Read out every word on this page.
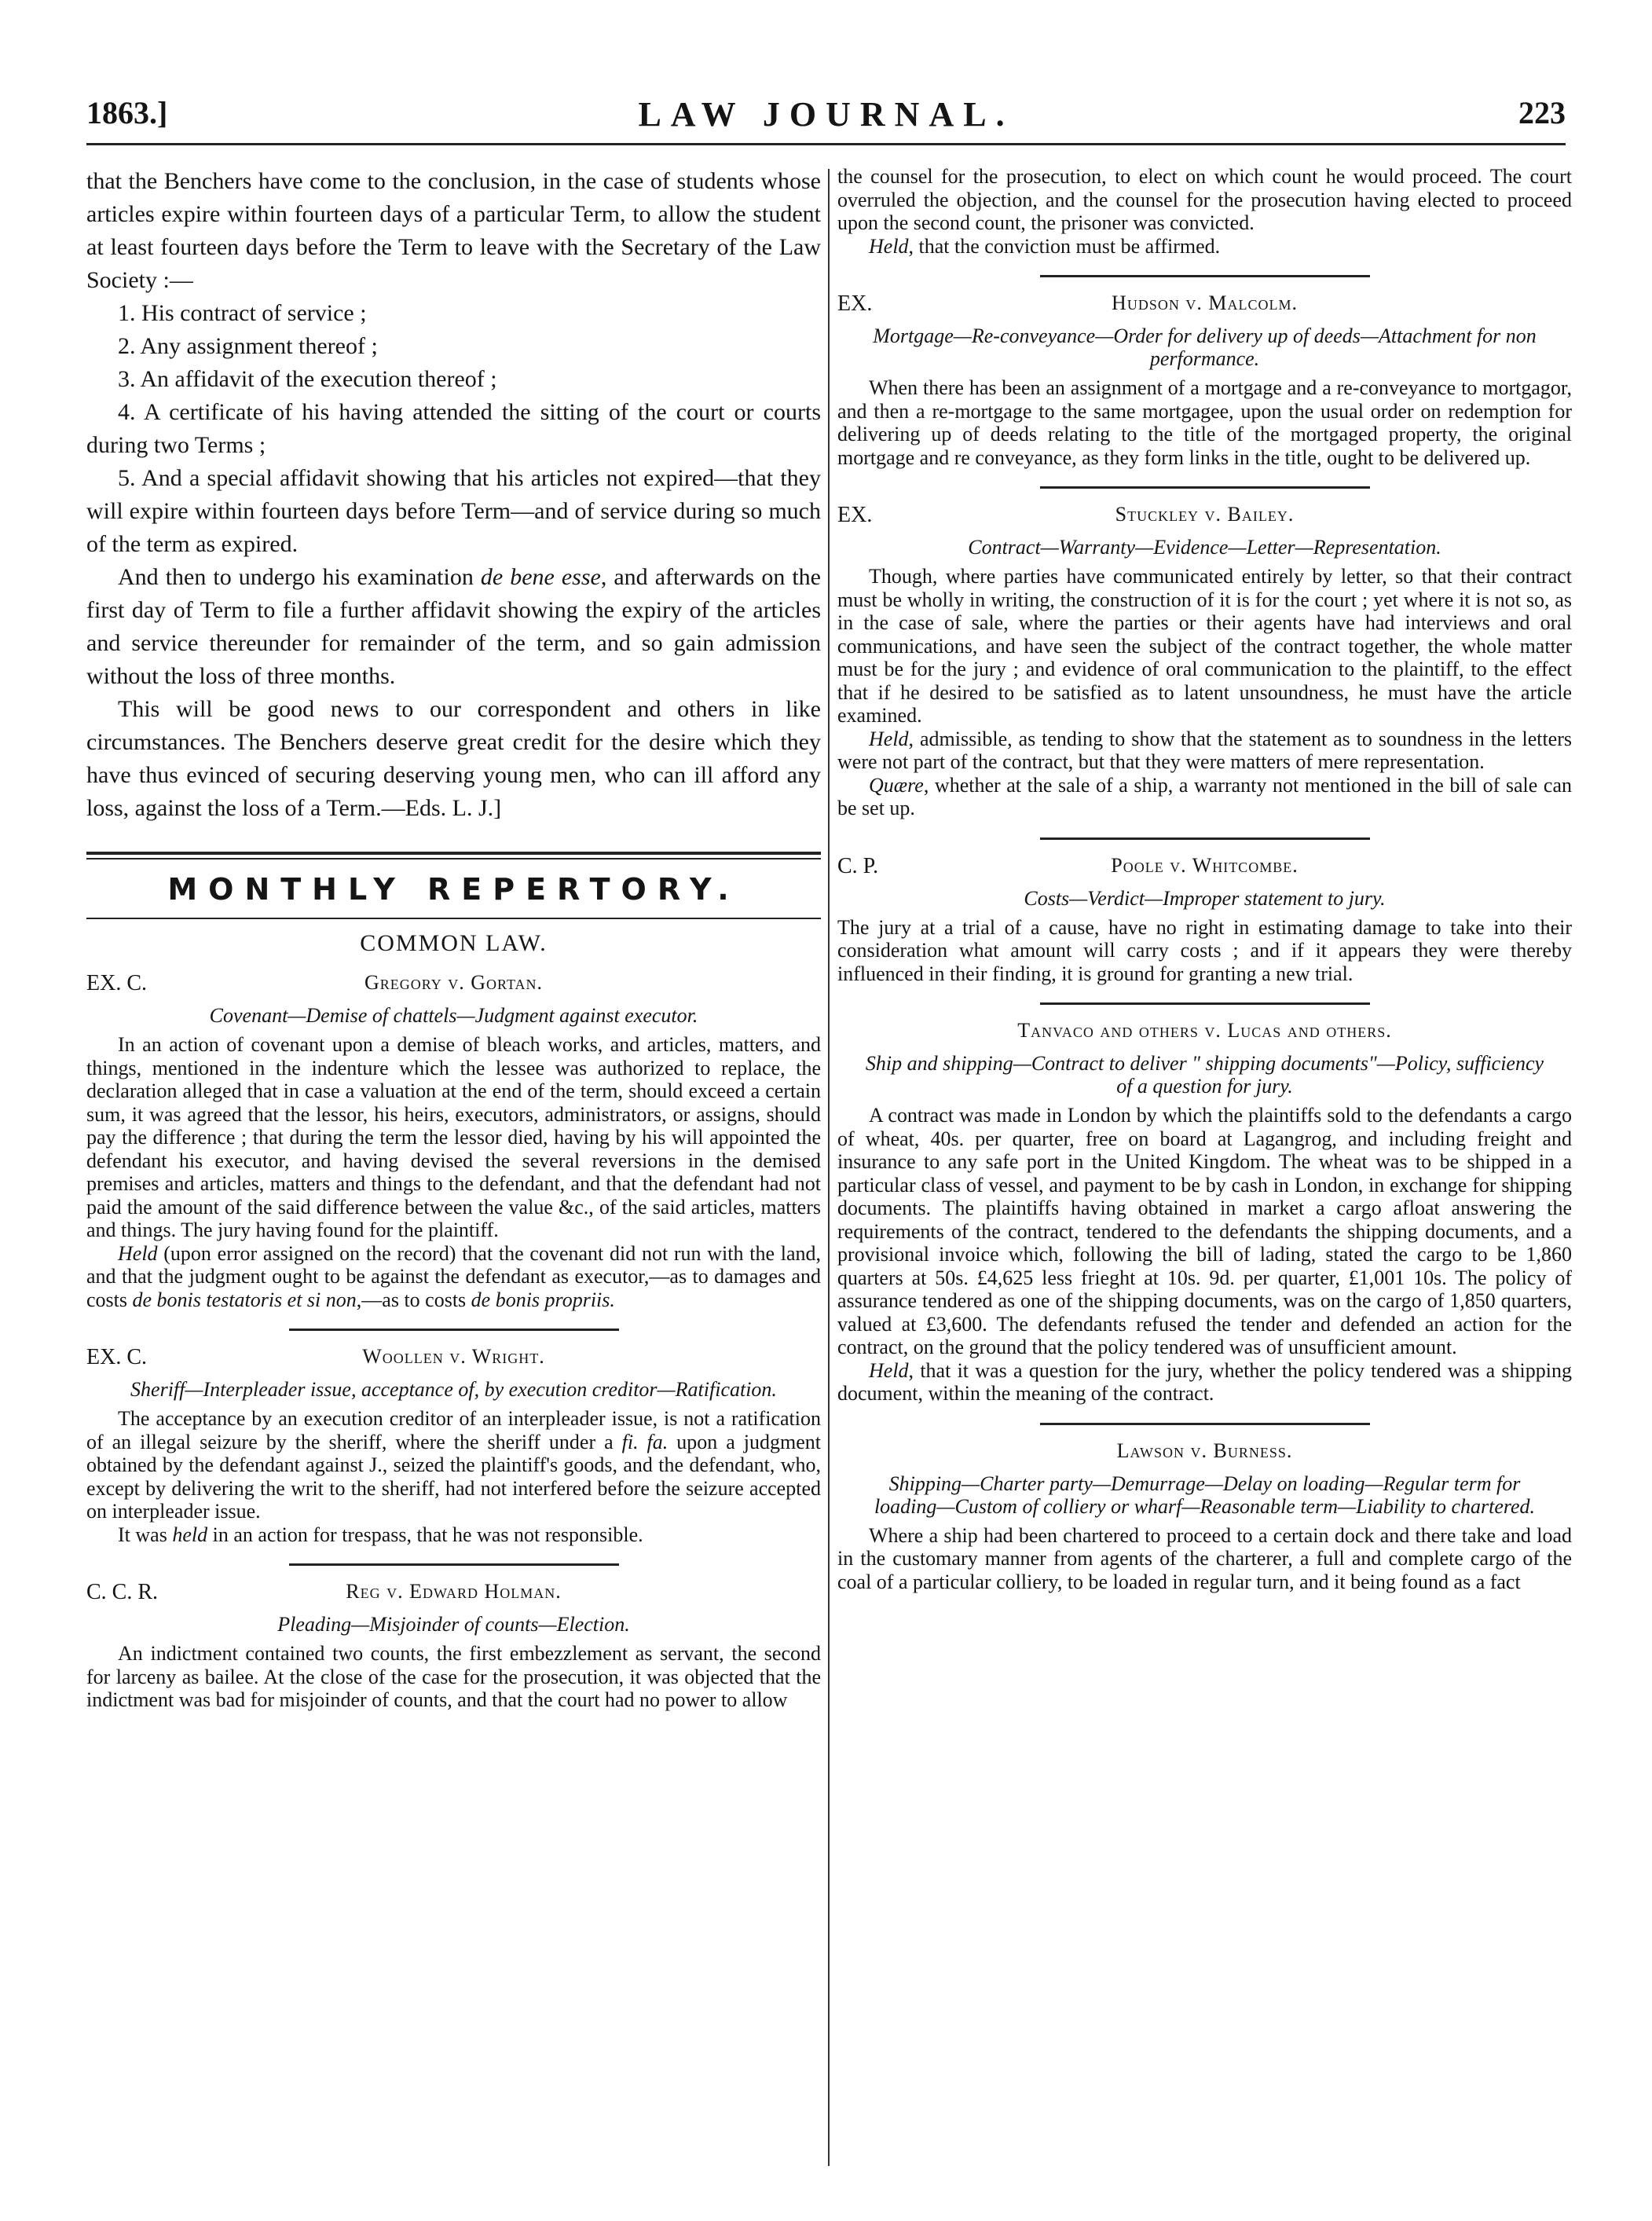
1863.]	LAW JOURNAL.	223

that the Benchers have come to the conclusion, in the case of students whose articles expire within fourteen days of a particular Term, to allow the student at least fourteen days before the Term to leave with the Secretary of the Law Society :—

1. His contract of service ;

2. Any assignment thereof ;

3. An affidavit of the execution thereof ;

4. A certificate of his having attended the sitting of the court or courts during two Terms ;

5. And a special affidavit showing that his articles not expired—that they will expire within fourteen days before Term—and of service during so much of the term as expired.

And then to undergo his examination de bene esse, and afterwards on the first day of Term to file a further affidavit showing the expiry of the articles and service thereunder for remainder of the term, and so gain admission without the loss of three months.

This will be good news to our correspondent and others in like circumstances. The Benchers deserve great credit for the desire which they have thus evinced of securing deserving young men, who can ill afford any loss, against the loss of a Term.—Eds. L. J.]

MONTHLY REPERTORY.
COMMON LAW.
EX. C.	Gregory v. Gortan.
Covenant—Demise of chattels—Judgment against executor.

In an action of covenant upon a demise of bleach works, and articles, matters, and things, mentioned in the indenture which the lessee was authorized to replace, the declaration alleged that in case a valuation at the end of the term, should exceed a certain sum, it was agreed that the lessor, his heirs, executors, administrators, or assigns, should pay the difference ; that during the term the lessor died, having by his will appointed the defendant his executor, and having devised the several reversions in the demised premises and articles, matters and things to the defendant, and that the defendant had not paid the amount of the said difference between the value &c., of the said articles, matters and things. The jury having found for the plaintiff.

Held (upon error assigned on the record) that the covenant did not run with the land, and that the judgment ought to be against the defendant as executor,—as to damages and costs de bonis testatoris et si non,—as to costs de bonis propriis.

EX. C.	Woollen v. Wright.
Sheriff—Interpleader issue, acceptance of, by execution creditor—Ratification.

The acceptance by an execution creditor of an interpleader issue, is not a ratification of an illegal seizure by the sheriff, where the sheriff under a fi. fa. upon a judgment obtained by the defendant against J., seized the plaintiff's goods, and the defendant, who, except by delivering the writ to the sheriff, had not interfered before the seizure accepted on interpleader issue.

It was held in an action for trespass, that he was not responsible.

C. C. R.	Reg v. Edward Holman.
Pleading—Misjoinder of counts—Election.

An indictment contained two counts, the first embezzlement as servant, the second for larceny as bailee. At the close of the case for the prosecution, it was objected that the indictment was bad for misjoinder of counts, and that the court had no power to allow

the counsel for the prosecution, to elect on which count he would proceed. The court overruled the objection, and the counsel for the prosecution having elected to proceed upon the second count, the prisoner was convicted.

Held, that the conviction must be affirmed.

EX.	Hudson v. Malcolm.
Mortgage—Re-conveyance—Order for delivery up of deeds—Attachment for non performance.

When there has been an assignment of a mortgage and a re-conveyance to mortgagor, and then a re-mortgage to the same mortgagee, upon the usual order on redemption for delivering up of deeds relating to the title of the mortgaged property, the original mortgage and re conveyance, as they form links in the title, ought to be delivered up.

EX.	Stuckley v. Bailey.
Contract—Warranty—Evidence—Letter—Representation.

Though, where parties have communicated entirely by letter, so that their contract must be wholly in writing, the construction of it is for the court ; yet where it is not so, as in the case of sale, where the parties or their agents have had interviews and oral communications, and have seen the subject of the contract together, the whole matter must be for the jury ; and evidence of oral communication to the plaintiff, to the effect that if he desired to be satisfied as to latent unsoundness, he must have the article examined.

Held, admissible, as tending to show that the statement as to soundness in the letters were not part of the contract, but that they were matters of mere representation.

Quære, whether at the sale of a ship, a warranty not mentioned in the bill of sale can be set up.

C. P.	Poole v. Whitcombe.
Costs—Verdict—Improper statement to jury.

The jury at a trial of a cause, have no right in estimating damage to take into their consideration what amount will carry costs ; and if it appears they were thereby influenced in their finding, it is ground for granting a new trial.

Tanvaco and others v. Lucas and others.
Ship and shipping—Contract to deliver " shipping documents"—Policy, sufficiency of a question for jury.

A contract was made in London by which the plaintiffs sold to the defendants a cargo of wheat, 40s. per quarter, free on board at Lagangrog, and including freight and insurance to any safe port in the United Kingdom. The wheat was to be shipped in a particular class of vessel, and payment to be by cash in London, in exchange for shipping documents. The plaintiffs having obtained in market a cargo afloat answering the requirements of the contract, tendered to the defendants the shipping documents, and a provisional invoice which, following the bill of lading, stated the cargo to be 1,860 quarters at 50s. £4,625 less frieght at 10s. 9d. per quarter, £1,001 10s. The policy of assurance tendered as one of the shipping documents, was on the cargo of 1,850 quarters, valued at £3,600. The defendants refused the tender and defended an action for the contract, on the ground that the policy tendered was of unsufficient amount.

Held, that it was a question for the jury, whether the policy tendered was a shipping document, within the meaning of the contract.

Lawson v. Burness.
Shipping—Charter party—Demurrage—Delay on loading—Regular term for loading—Custom of colliery or wharf—Reasonable term—Liability to chartered.

Where a ship had been chartered to proceed to a certain dock and there take and load in the customary manner from agents of the charterer, a full and complete cargo of the coal of a particular colliery, to be loaded in regular turn, and it being found as a fact
